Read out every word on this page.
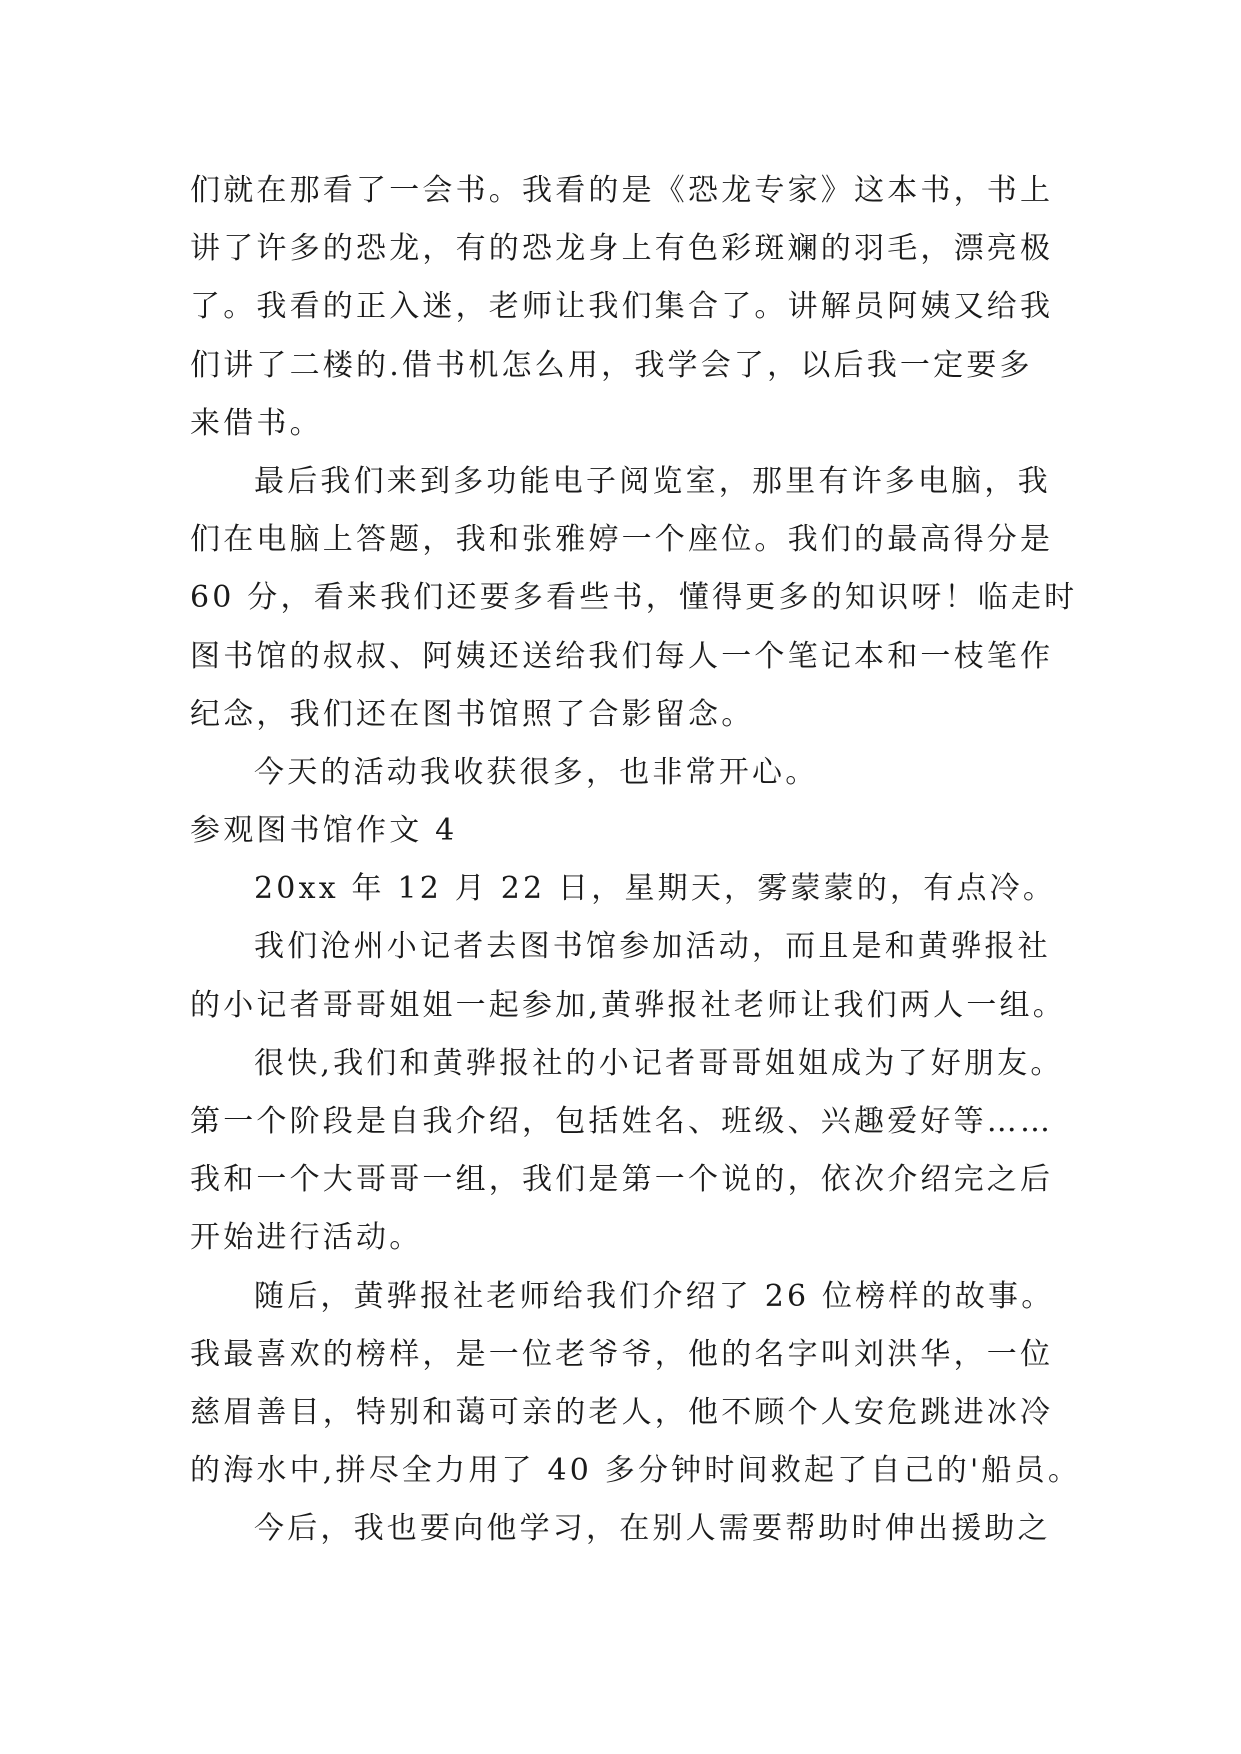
们就在那看了一会书。我看的是《恐龙专家》这本书，书上
讲了许多的恐龙，有的恐龙身上有色彩斑斓的羽毛，漂亮极
了。我看的正入迷，老师让我们集合了。讲解员阿姨又给我
们讲了二楼的.借书机怎么用，我学会了，以后我一定要多
来借书。
最后我们来到多功能电子阅览室，那里有许多电脑，我
们在电脑上答题，我和张雅婷一个座位。我们的最高得分是
60 分，看来我们还要多看些书，懂得更多的知识呀！临走时
图书馆的叔叔、阿姨还送给我们每人一个笔记本和一枝笔作
纪念，我们还在图书馆照了合影留念。
今天的活动我收获很多，也非常开心。
参观图书馆作文 4
20xx 年 12 月 22 日，星期天，雾蒙蒙的，有点冷。
我们沧州小记者去图书馆参加活动，而且是和黄骅报社
的小记者哥哥姐姐一起参加,黄骅报社老师让我们两人一组。
很快,我们和黄骅报社的小记者哥哥姐姐成为了好朋友。
第一个阶段是自我介绍，包括姓名、班级、兴趣爱好等……
我和一个大哥哥一组，我们是第一个说的，依次介绍完之后
开始进行活动。
随后，黄骅报社老师给我们介绍了 26 位榜样的故事。
我最喜欢的榜样，是一位老爷爷，他的名字叫刘洪华，一位
慈眉善目，特别和蔼可亲的老人，他不顾个人安危跳进冰冷
的海水中,拼尽全力用了 40 多分钟时间救起了自己的'船员。
今后，我也要向他学习，在别人需要帮助时伸出援助之
